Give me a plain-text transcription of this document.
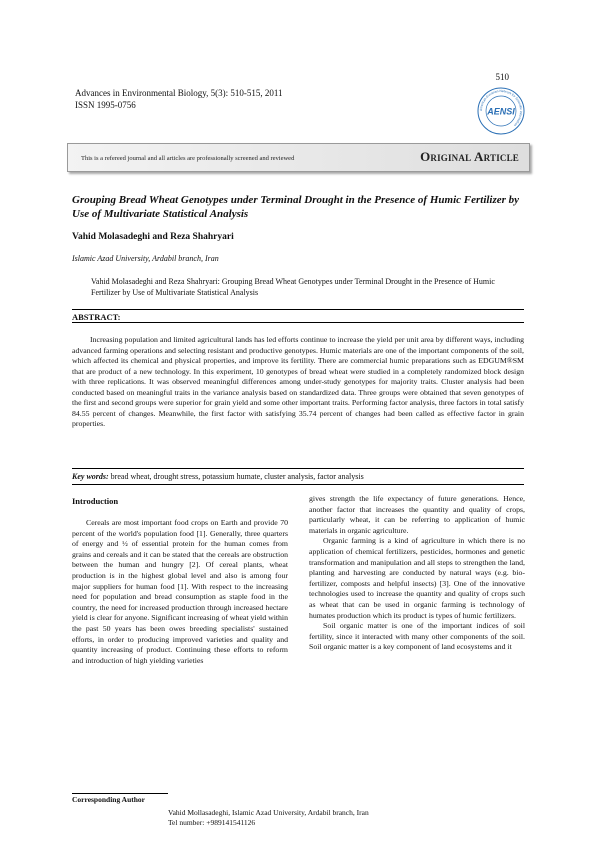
510
Advances in Environmental Biology, 5(3): 510-515, 2011
ISSN 1995-0756	American-Eurasian Network for Scientific Information
AENSI
This is a refereed journal and all articles are professionally screened and reviewed	Original Article
Grouping Bread Wheat Genotypes under Terminal Drought in the Presence of Humic Fertilizer by Use of Multivariate Statistical Analysis
Vahid Molasadeghi and Reza Shahryari
Islamic Azad University, Ardabil branch, Iran
Vahid Molasadeghi and Reza Shahryari: Grouping Bread Wheat Genotypes under Terminal Drought in the Presence of Humic Fertilizer by Use of Multivariate Statistical Analysis
ABSTRACT:
Increasing population and limited agricultural lands has led efforts continue to increase the yield per unit area by different ways, including advanced farming operations and selecting resistant and productive genotypes. Humic materials are one of the important components of the soil, which affected its chemical and physical properties, and improve its fertility. There are commercial humic preparations such as EDGUM®SM that are product of a new technology. In this experiment, 10 genotypes of bread wheat were studied in a completely randomized block design with three replications. It was observed meaningful differences among under-study genotypes for majority traits. Cluster analysis had been conducted based on meaningful traits in the variance analysis based on standardized data. Three groups were obtained that seven genotypes of the first and second groups were superior for grain yield and some other important traits. Performing factor analysis, three factors in total satisfy 84.55 percent of changes. Meanwhile, the first factor with satisfying 35.74 percent of changes had been called as effective factor in grain properties.
Key words: bread wheat, drought stress, potassium humate, cluster analysis, factor analysis
Introduction

Cereals are most important food crops on Earth and provide 70 percent of the world's population food [1]. Generally, three quarters of energy and ½ of essential protein for the human comes from grains and cereals and it can be stated that the cereals are obstruction between the human and hungry [2]. Of cereal plants, wheat production is in the highest global level and also is among four major suppliers for human food [1]. With respect to the increasing need for population and bread consumption as staple food in the country, the need for increased production through increased hectare yield is clear for anyone. Significant increasing of wheat yield within the past 50 years has been owes breeding specialists' sustained efforts, in order to producing improved varieties and quality and quantity increasing of product. Continuing these efforts to reform and introduction of high yielding varieties

gives strength the life expectancy of future generations. Hence, another factor that increases the quantity and quality of crops, particularly wheat, it can be referring to application of humic materials in organic agriculture.

Organic farming is a kind of agriculture in which there is no application of chemical fertilizers, pesticides, hormones and genetic transformation and manipulation and all steps to strengthen the land, planting and harvesting are conducted by natural ways (e.g. bio-fertilizer, composts and helpful insects) [3]. One of the innovative technologies used to increase the quantity and quality of crops such as wheat that can be used in organic farming is technology of humates production which its product is types of humic fertilizers.

Soil organic matter is one of the important indices of soil fertility, since it interacted with many other components of the soil. Soil organic matter is a key component of land ecosystems and it

Corresponding Author
Vahid Mollasadeghi, Islamic Azad University, Ardabil branch, Iran
Tel number: +989141541126
